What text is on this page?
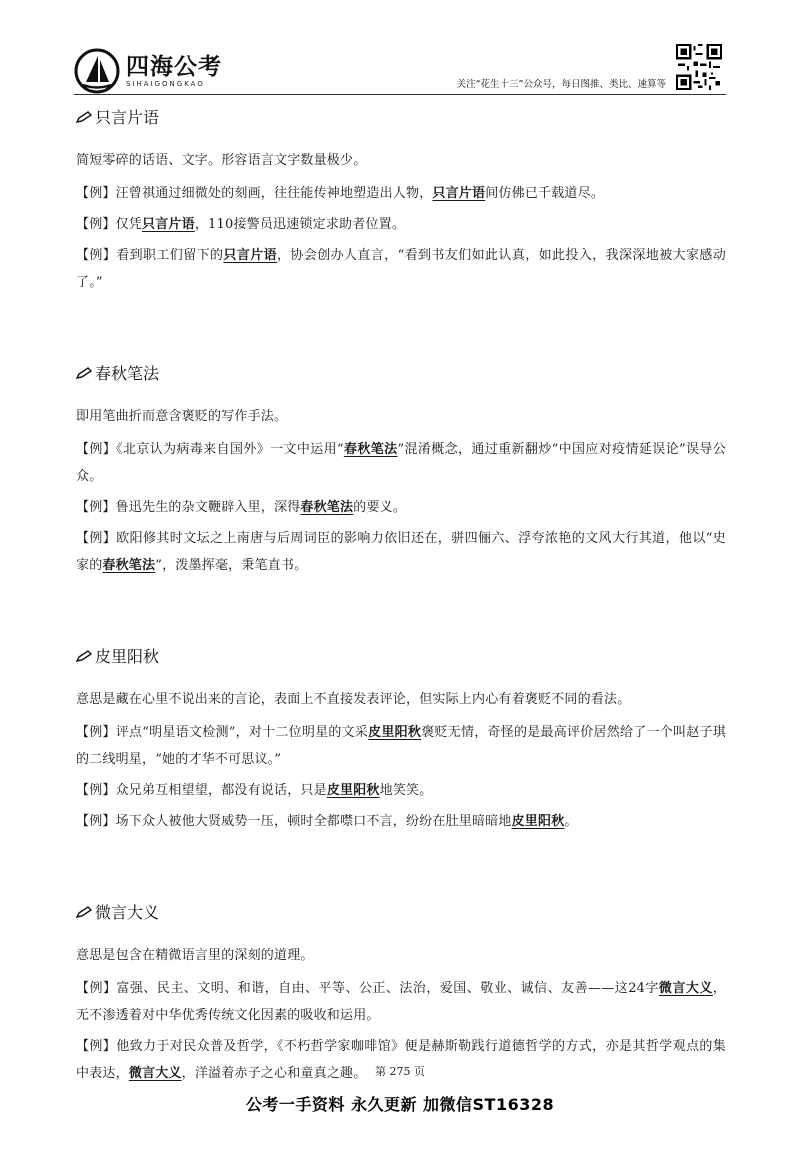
四海公考
SIHAIGONGKAO	关注“花生十三”公众号，每日图推、类比、速算等
只言片语
简短零碎的话语、文字。形容语言文字数量极少。
【例】汪曾祺通过细微处的刻画，往往能传神地塑造出人物，只言片语间仿佛已千载道尽。
【例】仅凭只言片语，110接警员迅速锁定求助者位置。
【例】看到职工们留下的只言片语，协会创办人直言，“看到书友们如此认真，如此投入，我深深地被大家感动了。”
春秋笔法
即用笔曲折而意含褒贬的写作手法。
【例】《北京认为病毒来自国外》一文中运用“春秋笔法”混淆概念，通过重新翻炒“中国应对疫情延误论”误导公众。
【例】鲁迅先生的杂文鞭辟入里，深得春秋笔法的要义。
【例】欧阳修其时文坛之上南唐与后周词臣的影响力依旧还在，骈四俪六、浮夸浓艳的文风大行其道，他以“史家的春秋笔法”，泼墨挥毫，秉笔直书。
皮里阳秋
意思是藏在心里不说出来的言论，表面上不直接发表评论，但实际上内心有着褒贬不同的看法。
【例】评点“明星语文检测”，对十二位明星的文采皮里阳秋褒贬无情，奇怪的是最高评价居然给了一个叫赵子琪的二线明星，“她的才华不可思议。”
【例】众兄弟互相望望，都没有说话，只是皮里阳秋地笑笑。
【例】场下众人被他大贤威势一压，顿时全都噤口不言，纷纷在肚里暗暗地皮里阳秋。
微言大义
意思是包含在精微语言里的深刻的道理。
【例】富强、民主、文明、和谐，自由、平等、公正、法治，爱国、敬业、诚信、友善——这24字微言大义，无不渗透着对中华优秀传统文化因素的吸收和运用。
【例】他致力于对民众普及哲学，《不朽哲学家咖啡馆》便是赫斯勒践行道德哲学的方式，亦是其哲学观点的集中表达，微言大义，洋溢着赤子之心和童真之趣。 第 275 页
公考一手资料 永久更新 加微信ST16328
